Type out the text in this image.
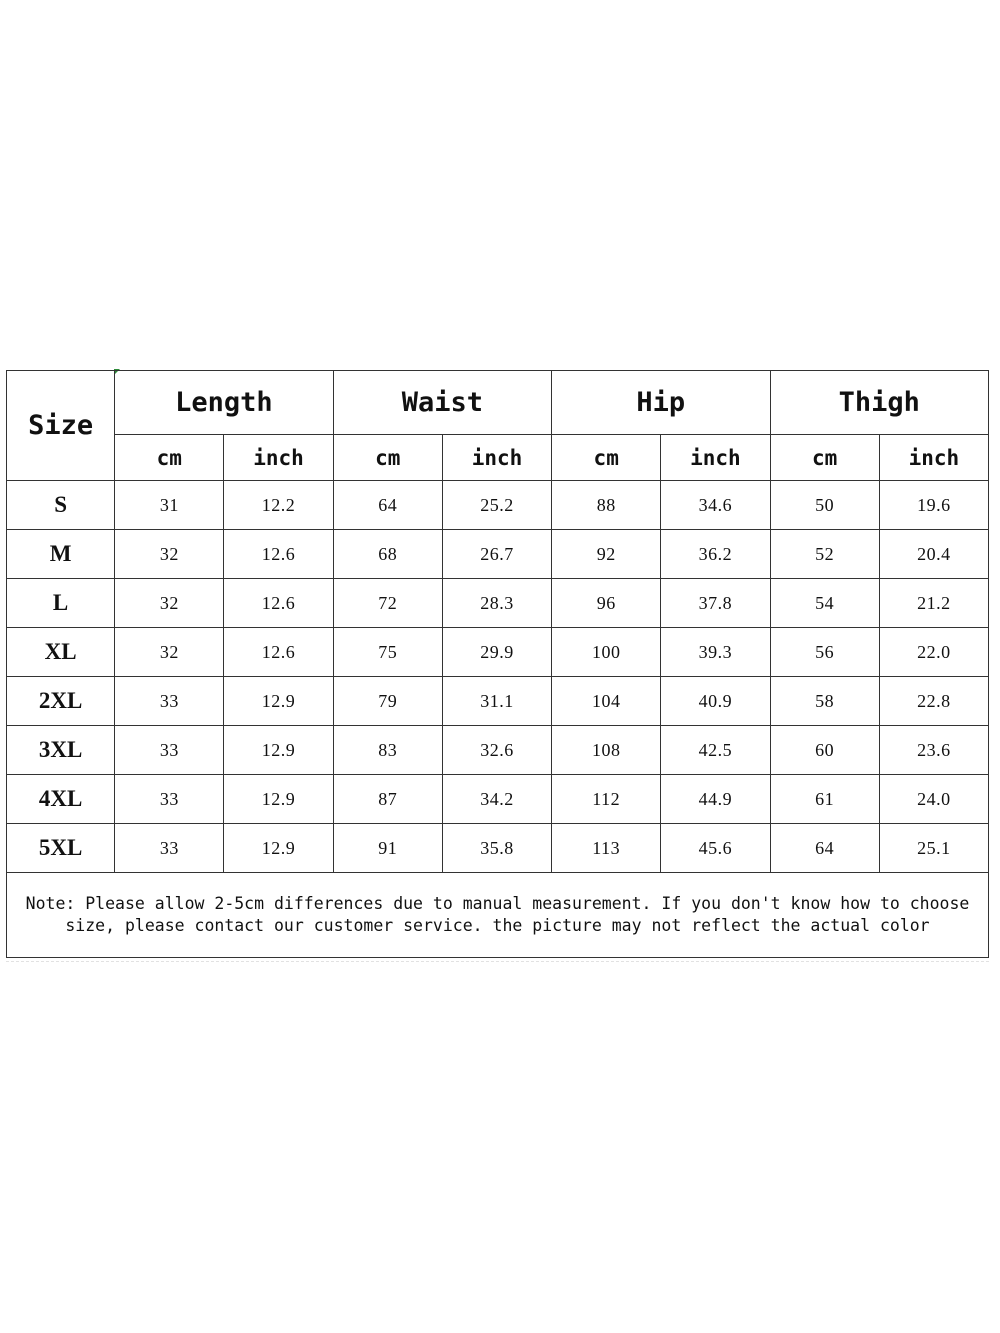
Size	Length		Waist		Hip		Thigh	
	cm	inch	cm	inch	cm	inch	cm	inch
S	31	12.2	64	25.2	88	34.6	50	19.6
M	32	12.6	68	26.7	92	36.2	52	20.4
L	32	12.6	72	28.3	96	37.8	54	21.2
XL	32	12.6	75	29.9	100	39.3	56	22.0
2XL	33	12.9	79	31.1	104	40.9	58	22.8
3XL	33	12.9	83	32.6	108	42.5	60	23.6
4XL	33	12.9	87	34.2	112	44.9	61	24.0
5XL	33	12.9	91	35.8	113	45.6	64	25.1

Note: Please allow 2-5cm differences due to manual measurement. If you don't know how to choose
size, please contact our customer service. the picture may not reflect the actual color								
